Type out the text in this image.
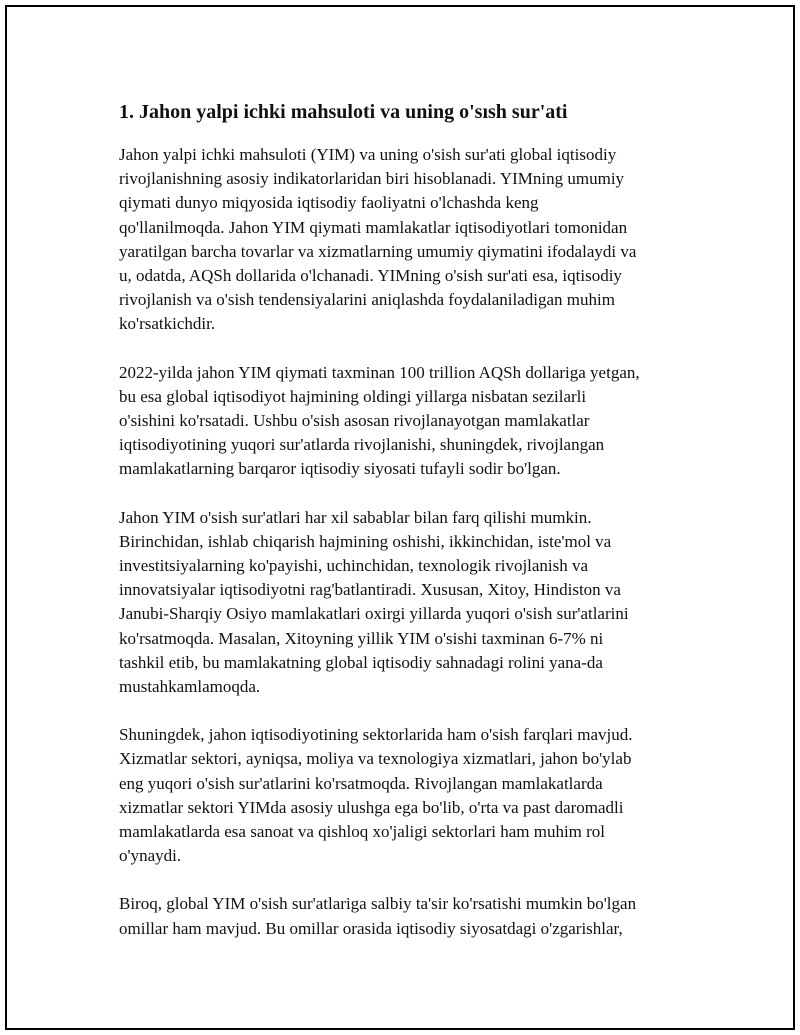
1. Jahon yalpi ichki mahsuloti va uning o'sısh sur'ati

Jahon yalpi ichki mahsuloti (YIM) va uning o'sish sur'ati global iqtisodiy
rivojlanishning asosiy indikatorlaridan biri hisoblanadi. YIMning umumiy
qiymati dunyo miqyosida iqtisodiy faoliyatni o'lchashda keng
qo'llanilmoqda. Jahon YIM qiymati mamlakatlar iqtisodiyotlari tomonidan
yaratilgan barcha tovarlar va xizmatlarning umumiy qiymatini ifodalaydi va
u, odatda, AQSh dollarida o'lchanadi. YIMning o'sish sur'ati esa, iqtisodiy
rivojlanish va o'sish tendensiyalarini aniqlashda foydalaniladigan muhim
ko'rsatkichdir.

2022-yilda jahon YIM qiymati taxminan 100 trillion AQSh dollariga yetgan,
bu esa global iqtisodiyot hajmining oldingi yillarga nisbatan sezilarli
o'sishini ko'rsatadi. Ushbu o'sish asosan rivojlanayotgan mamlakatlar
iqtisodiyotining yuqori sur'atlarda rivojlanishi, shuningdek, rivojlangan
mamlakatlarning barqaror iqtisodiy siyosati tufayli sodir bo'lgan.

Jahon YIM o'sish sur'atlari har xil sabablar bilan farq qilishi mumkin.
Birinchidan, ishlab chiqarish hajmining oshishi, ikkinchidan, iste'mol va
investitsiyalarning ko'payishi, uchinchidan, texnologik rivojlanish va
innovatsiyalar iqtisodiyotni rag'batlantiradi. Xususan, Xitoy, Hindiston va
Janubi-Sharqiy Osiyo mamlakatlari oxirgi yillarda yuqori o'sish sur'atlarini
ko'rsatmoqda. Masalan, Xitoyning yillik YIM o'sishi taxminan 6-7% ni
tashkil etib, bu mamlakatning global iqtisodiy sahnadagi rolini yana-da
mustahkamlamoqda.

Shuningdek, jahon iqtisodiyotining sektorlarida ham o'sish farqlari mavjud.
Xizmatlar sektori, ayniqsa, moliya va texnologiya xizmatlari, jahon bo'ylab
eng yuqori o'sish sur'atlarini ko'rsatmoqda. Rivojlangan mamlakatlarda
xizmatlar sektori YIMda asosiy ulushga ega bo'lib, o'rta va past daromadli
mamlakatlarda esa sanoat va qishloq xo'jaligi sektorlari ham muhim rol
o'ynaydi.

Biroq, global YIM o'sish sur'atlariga salbiy ta'sir ko'rsatishi mumkin bo'lgan
omillar ham mavjud. Bu omillar orasida iqtisodiy siyosatdagi o'zgarishlar,
